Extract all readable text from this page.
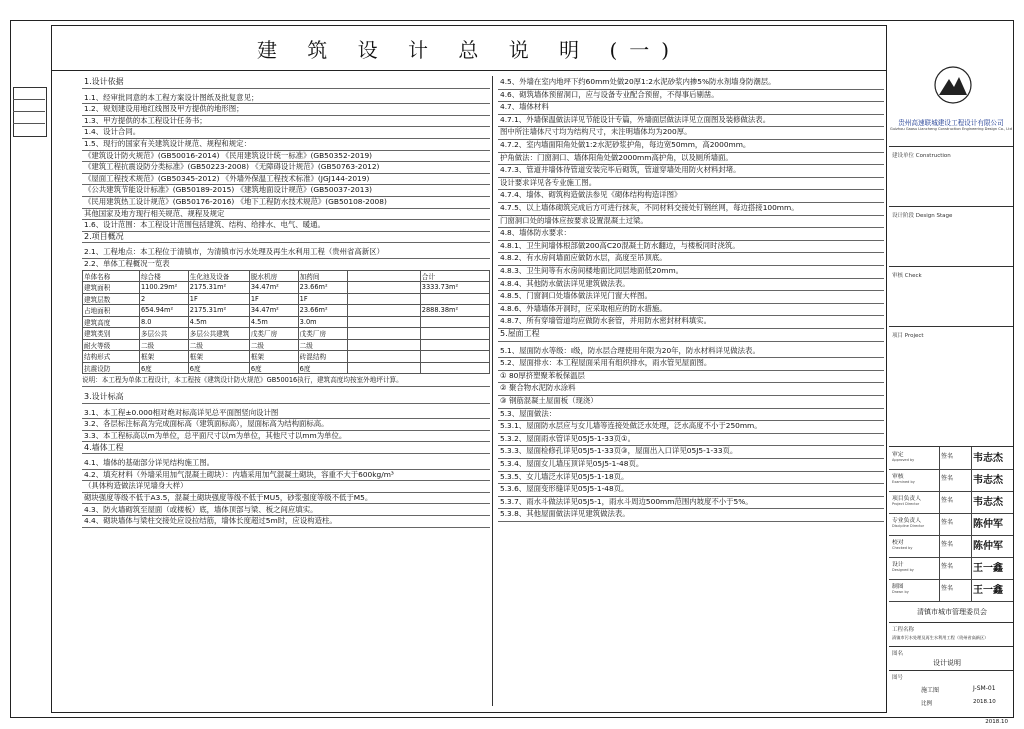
建 筑 设 计 总 说 明 (一)
1.设计依据
1.1、经审批同意的本工程方案设计图纸及批复意见；
1.2、规划建设用地红线图及甲方提供的地形图；
1.3、甲方提供的本工程设计任务书；
1.4、设计合同。
1.5、现行的国家有关建筑设计规范、规程和规定：
《建筑设计防火规范》(GB50016-2014) 《民用建筑设计统一标准》(GB50352-2019)
《建筑工程抗震设防分类标准》(GB50223-2008) 《无障碍设计规范》(GB50763-2012)
《屋面工程技术规范》(GB50345-2012) 《外墙外保温工程技术标准》(JGJ144-2019)
《公共建筑节能设计标准》(GB50189-2015) 《建筑地面设计规范》(GB50037-2013)
《民用建筑热工设计规范》(GB50176-2016) 《地下工程防水技术规范》(GB50108-2008)
其他国家及地方现行相关规范、规程及规定
1.6、设计范围：本工程设计范围包括建筑、结构、给排水、电气、暖通。
2.项目概况
2.1、工程地点：本工程位于清镇市，为清镇市污水处理及再生水利用工程（贵州省高新区）
2.2、单体工程概况一览表
单体名称	综合楼	生化池及设备	脱水机房	加药间		合计
建筑面积	1100.29m²	2175.31m²	34.47m²	23.66m²		3333.73m²
建筑层数	2	1F	1F	1F		
占地面积	654.94m²	2175.31m²	34.47m²	23.66m²		2888.38m²
建筑高度	8.0	4.5m	4.5m	3.0m		
建筑类别	多层公共	多层公共建筑	戊类厂房	戊类厂房		
耐火等级	二级	二级	二级	二级		
结构形式	框架	框架	框架	砖混结构		
抗震设防	6度	6度	6度	6度		
说明：本工程为单体工程设计，本工程按《建筑设计防火规范》GB50016执行，建筑高度均按室外地坪计算。
3.设计标高
3.1、本工程±0.000相对绝对标高详见总平面图竖向设计图
3.2、各层标注标高为完成面标高（建筑面标高），屋面标高为结构面标高。
3.3、本工程标高以m为单位，总平面尺寸以m为单位，其他尺寸以mm为单位。
4.墙体工程
4.1、墙体的基础部分详见结构施工图。
4.2、填充材料（外墙采用加气混凝土砌块）：内墙采用加气混凝土砌块，容重不大于600kg/m³
（具体构造做法详见墙身大样）
砌块强度等级不低于A3.5，混凝土砌块强度等级不低于MU5，砂浆强度等级不低于M5。
4.3、防火墙砌筑至屋面（或楼板）底，墙体顶部与梁、板之间应填实。
4.4、砌块墙体与梁柱交接处应设拉结筋，墙体长度超过5m时，应设构造柱。
4.5、外墙在室内地坪下约60mm处做20厚1:2水泥砂浆内掺5%防水剂墙身防潮层。
4.6、砌筑墙体预留洞口，应与设备专业配合预留，不得事后剔凿。
4.7、墙体材料
4.7.1、外墙保温做法详见节能设计专篇，外墙面层做法详见立面图及装修做法表。
图中所注墙体尺寸均为结构尺寸，未注明墙体均为200厚。
4.7.2、室内墙面阳角处做1:2水泥砂浆护角，每边宽50mm，高2000mm。
护角做法：门窗洞口、墙体阳角处做2000mm高护角，以及厕所墙面。
4.7.3、管道井墙体待管道安装完毕后砌筑，管道穿墙处用防火材料封堵。
设计要求详见各专业施工图。
4.7.4、墙体、砌筑构造做法参见《砌体结构构造详图》
4.7.5、以上墙体砌筑完成后方可进行抹灰，不同材料交接处钉钢丝网，每边搭接100mm。
门窗洞口处的墙体应按要求设置混凝土过梁。
4.8、墙体防水要求：
4.8.1、卫生间墙体根部做200高C20混凝土防水翻边，与楼板同时浇筑。
4.8.2、有水房间墙面应做防水层，高度至吊顶底。
4.8.3、卫生间等有水房间楼地面比同层地面低20mm。
4.8.4、其他防水做法详见建筑做法表。
4.8.5、门窗洞口处墙体做法详见门窗大样图。
4.8.6、外墙墙体开洞时，应采取相应的防水措施。
4.8.7、所有穿墙管道均应做防水套管，并用防水密封材料填实。
5.屋面工程
5.1、屋面防水等级：Ⅰ级，防水层合理使用年限为20年，防水材料详见做法表。
5.2、屋面排水：本工程屋面采用有组织排水，雨水管见屋面图。
① 80厚挤塑聚苯板保温层
② 聚合物水泥防水涂料
③ 钢筋混凝土屋面板（现浇）
5.3、屋面做法：
5.3.1、屋面防水层应与女儿墙等连接处做泛水处理，泛水高度不小于250mm。
5.3.2、屋面雨水管详见05J5-1-33页①。
5.3.3、屋面检修孔详见05J5-1-33页③，屋面出入口详见05J5-1-33页。
5.3.4、屋面女儿墙压顶详见05J5-1-48页。
5.3.5、女儿墙泛水详见05J5-1-18页。
5.3.6、屋面变形缝详见05J5-1-48页。
5.3.7、雨水斗做法详见05J5-1，雨水斗周边500mm范围内坡度不小于5%。
5.3.8、其他屋面做法详见建筑做法表。
贵州高速联城建设工程设计有限公司
Guizhou Gaosu Liancheng Construction Engineering Design Co., Ltd
建设单位 Construction
设计阶段 Design Stage
审核 Check
项目 Project
审定
Approved by	签名 韦志杰
审核
Examined by	签名 韦志杰
项目负责人
Project Director	签名 韦志杰
专业负责人
Discipline Director	签名 陈仲军
校对
Checked by	签名 陈仲军
设计
Designed by	签名 王一鑫
制图
Drawn by	签名 王一鑫
清镇市城市管理委员会
工程名称
清镇市污水处理及再生水利用工程（贵州省高新区）
图名
设计说明
图号
施工图	J-SM-01
比例	2018.10
2018.10
